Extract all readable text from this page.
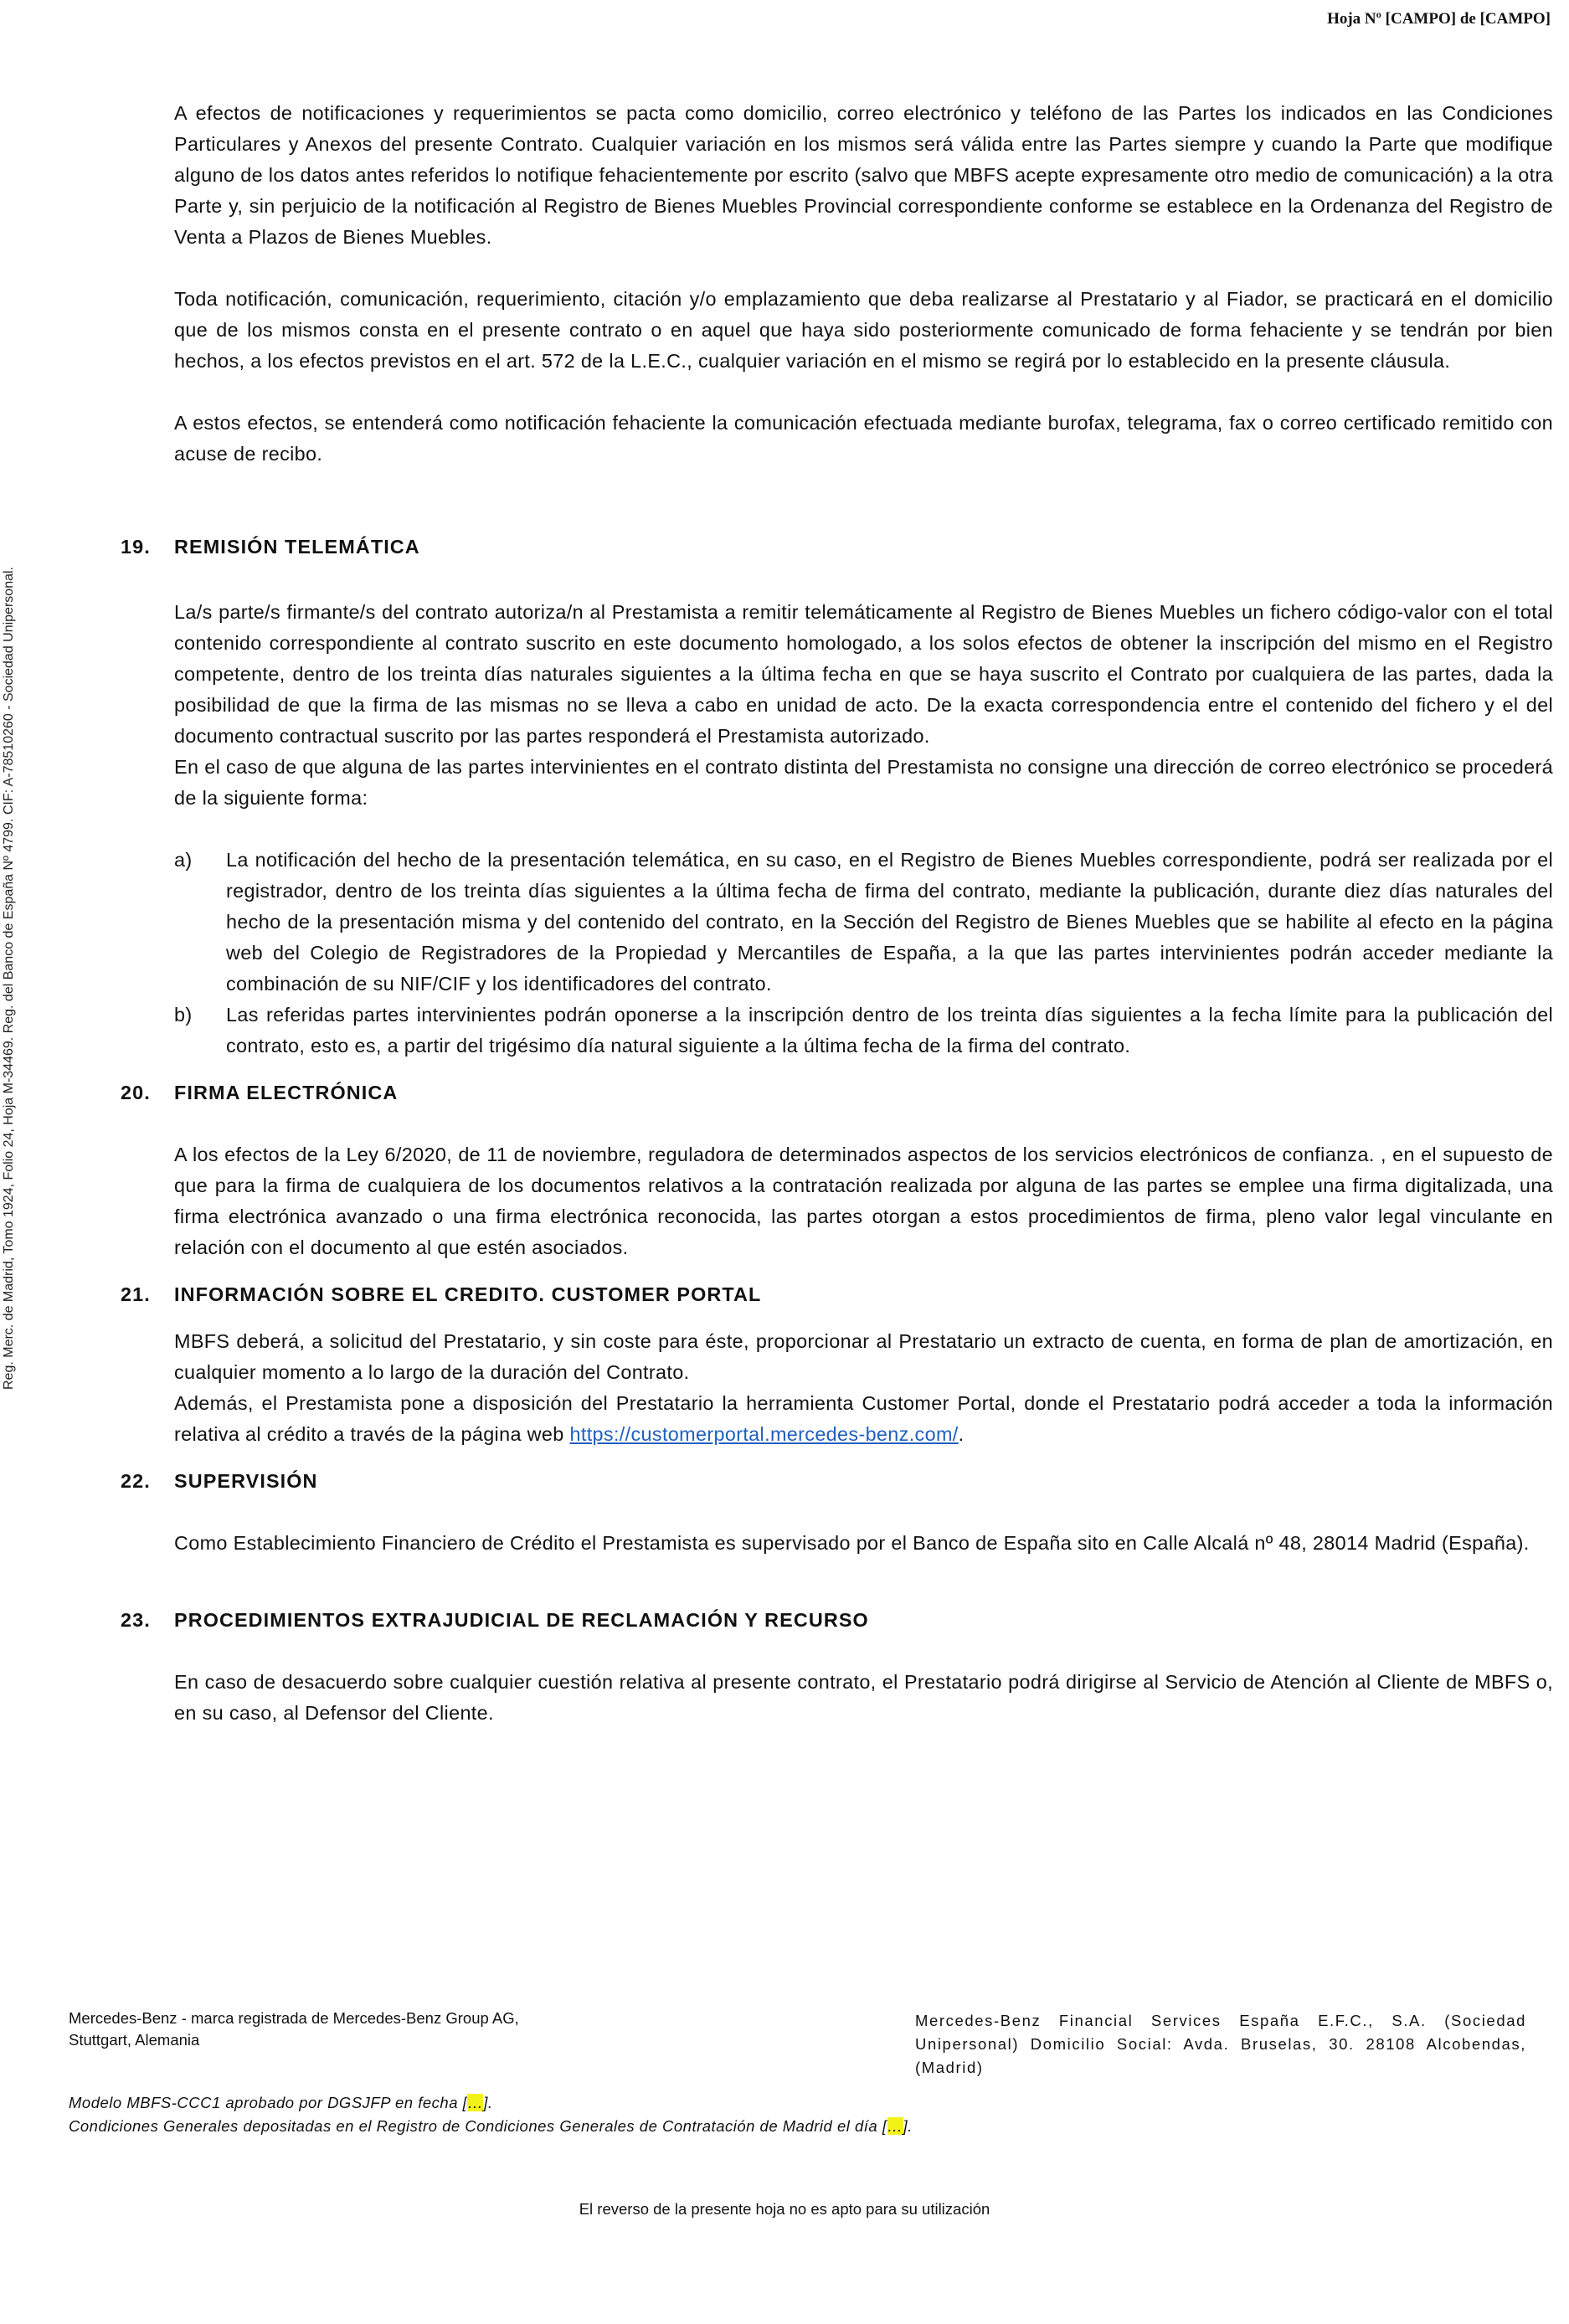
Hoja Nº [CAMPO] de [CAMPO]
Reg. Merc. de Madrid, Tomo 1924, Folio 24, Hoja M-34469. Reg. del Banco de España Nº 4799. CIF: A-78510260 - Sociedad Unipersonal.

A efectos de notificaciones y requerimientos se pacta como domicilio, correo electrónico y teléfono de las Partes los indicados en las Condiciones Particulares y Anexos del presente Contrato. Cualquier variación en los mismos será válida entre las Partes siempre y cuando la Parte que modifique alguno de los datos antes referidos lo notifique fehacientemente por escrito (salvo que MBFS acepte expresamente otro medio de comunicación) a la otra Parte y, sin perjuicio de la notificación al Registro de Bienes Muebles Provincial correspondiente conforme se establece en la Ordenanza del Registro de Venta a Plazos de Bienes Muebles.

Toda notificación, comunicación, requerimiento, citación y/o emplazamiento que deba realizarse al Prestatario y al Fiador, se practicará en el domicilio que de los mismos consta en el presente contrato o en aquel que haya sido posteriormente comunicado de forma fehaciente y se tendrán por bien hechos, a los efectos previstos en el art. 572 de la L.E.C., cualquier variación en el mismo se regirá por lo establecido en la presente cláusula.

A estos efectos, se entenderá como notificación fehaciente la comunicación efectuada mediante burofax, telegrama, fax o correo certificado remitido con acuse de recibo.

19. REMISIÓN TELEMÁTICA

La/s parte/s firmante/s del contrato autoriza/n al Prestamista a remitir telemáticamente al Registro de Bienes Muebles un fichero código-valor con el total contenido correspondiente al contrato suscrito en este documento homologado, a los solos efectos de obtener la inscripción del mismo en el Registro competente, dentro de los treinta días naturales siguientes a la última fecha en que se haya suscrito el Contrato por cualquiera de las partes, dada la posibilidad de que la firma de las mismas no se lleva a cabo en unidad de acto. De la exacta correspondencia entre el contenido del fichero y el del documento contractual suscrito por las partes responderá el Prestamista autorizado.

En el caso de que alguna de las partes intervinientes en el contrato distinta del Prestamista no consigne una dirección de correo electrónico se procederá de la siguiente forma:

a) La notificación del hecho de la presentación telemática, en su caso, en el Registro de Bienes Muebles correspondiente, podrá ser realizada por el registrador, dentro de los treinta días siguientes a la última fecha de firma del contrato, mediante la publicación, durante diez días naturales del hecho de la presentación misma y del contenido del contrato, en la Sección del Registro de Bienes Muebles que se habilite al efecto en la página web del Colegio de Registradores de la Propiedad y Mercantiles de España, a la que las partes intervinientes podrán acceder mediante la combinación de su NIF/CIF y los identificadores del contrato.
b) Las referidas partes intervinientes podrán oponerse a la inscripción dentro de los treinta días siguientes a la fecha límite para la publicación del contrato, esto es, a partir del trigésimo día natural siguiente a la última fecha de la firma del contrato.
20. FIRMA ELECTRÓNICA

A los efectos de la Ley 6/2020, de 11 de noviembre, reguladora de determinados aspectos de los servicios electrónicos de confianza. , en el supuesto de que para la firma de cualquiera de los documentos relativos a la contratación realizada por alguna de las partes se emplee una firma digitalizada, una firma electrónica avanzado o una firma electrónica reconocida, las partes otorgan a estos procedimientos de firma, pleno valor legal vinculante en relación con el documento al que estén asociados.

21. INFORMACIÓN SOBRE EL CREDITO. CUSTOMER PORTAL

MBFS deberá, a solicitud del Prestatario, y sin coste para éste, proporcionar al Prestatario un extracto de cuenta, en forma de plan de amortización, en cualquier momento a lo largo de la duración del Contrato.

Además, el Prestamista pone a disposición del Prestatario la herramienta Customer Portal, donde el Prestatario podrá acceder a toda la información relativa al crédito a través de la página web https://customerportal.mercedes-benz.com/.

22. SUPERVISIÓN

Como Establecimiento Financiero de Crédito el Prestamista es supervisado por el Banco de España sito en Calle Alcalá nº 48, 28014 Madrid (España).

23. PROCEDIMIENTOS EXTRAJUDICIAL DE RECLAMACIÓN Y RECURSO

En caso de desacuerdo sobre cualquier cuestión relativa al presente contrato, el Prestatario podrá dirigirse al Servicio de Atención al Cliente de MBFS o, en su caso, al Defensor del Cliente.

Mercedes-Benz - marca registrada de Mercedes-Benz Group AG, Stuttgart, Alemania
Mercedes-Benz Financial Services España E.F.C., S.A. (Sociedad Unipersonal) Domicilio Social: Avda. Bruselas, 30. 28108 Alcobendas, (Madrid)
Modelo MBFS-CCC1 aprobado por DGSJFP en fecha […].
Condiciones Generales depositadas en el Registro de Condiciones Generales de Contratación de Madrid el día […].
El reverso de la presente hoja no es apto para su utilización
